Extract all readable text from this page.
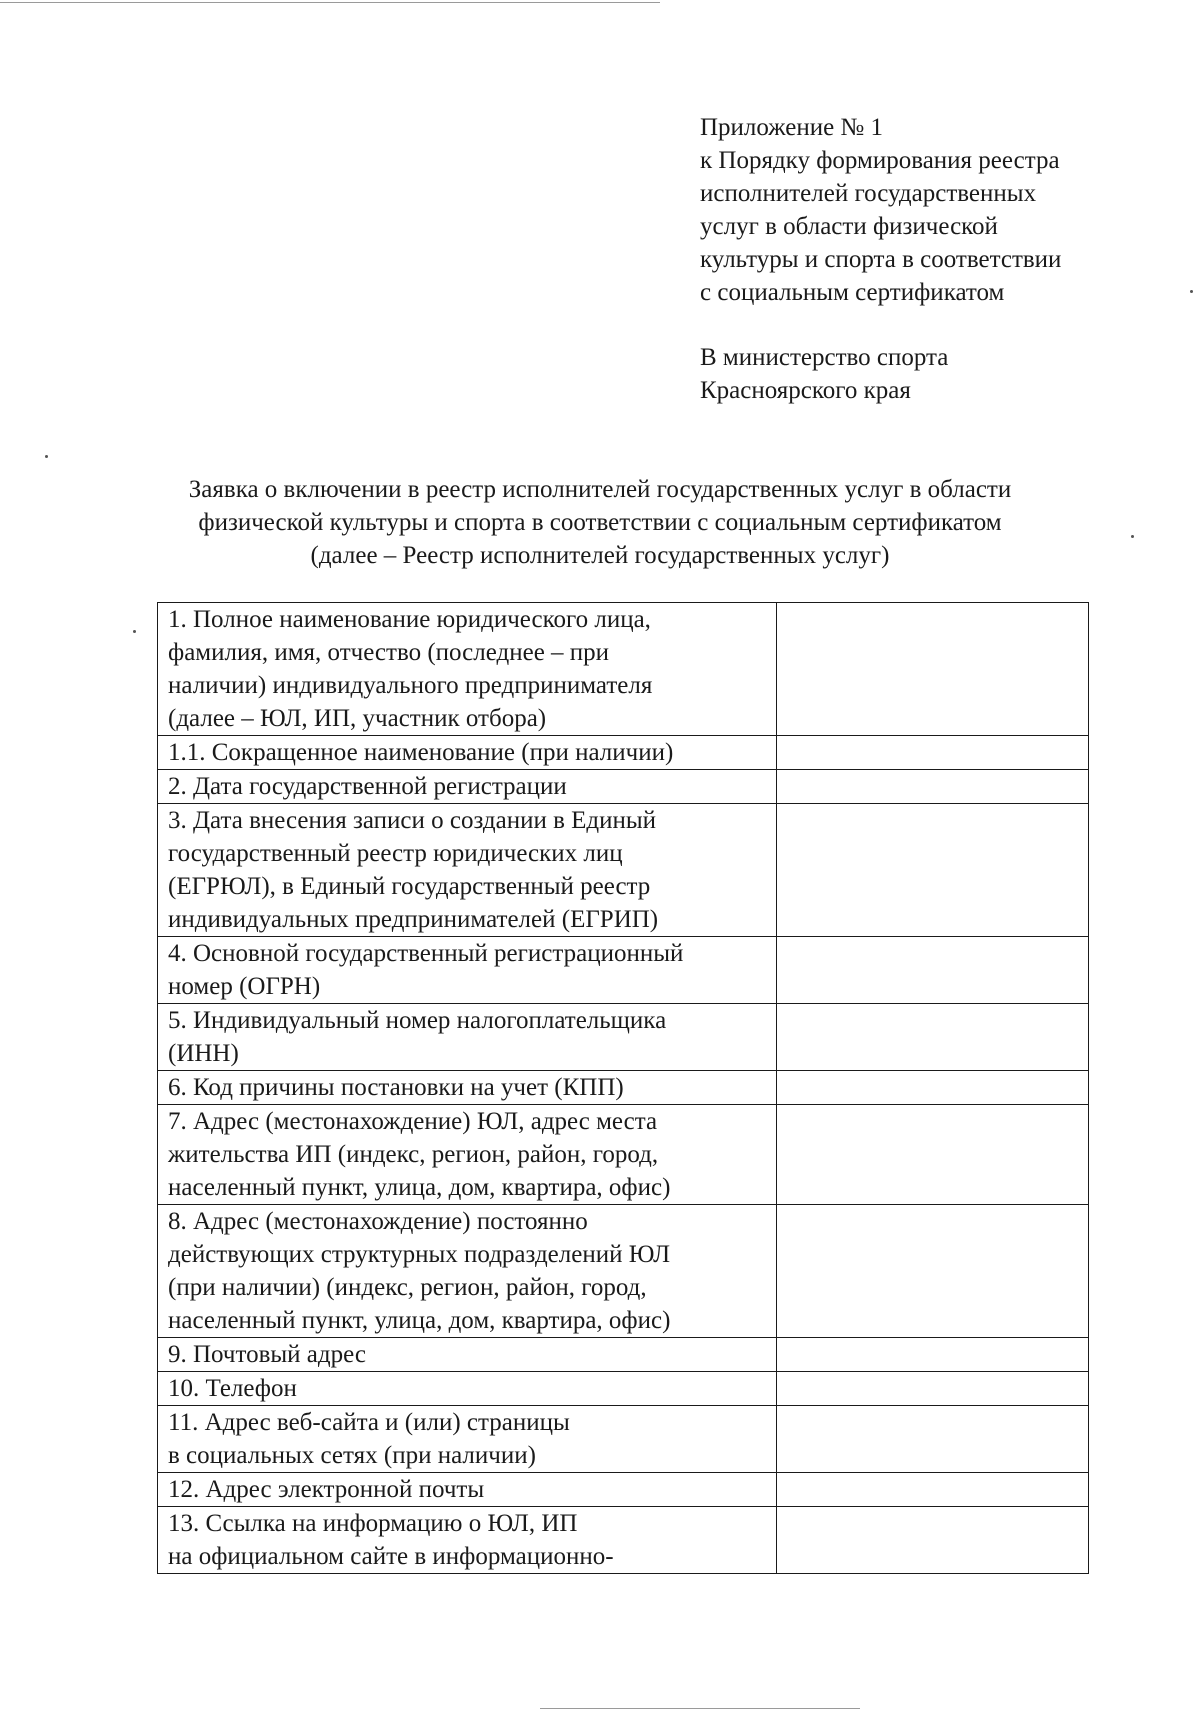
Приложение № 1
к Порядку формирования реестра
исполнителей государственных
услуг в области физической
культуры и спорта в соответствии
с социальным сертификатом
В министерство спорта
Красноярского края
Заявка о включении в реестр исполнителей государственных услуг в области
физической культуры и спорта в соответствии с социальным сертификатом
(далее – Реестр исполнителей государственных услуг)
1. Полное наименование юридического лица,
фамилия, имя, отчество (последнее – при
наличии) индивидуального предпринимателя
(далее – ЮЛ, ИП, участник отбора)	

1.1. Сокращенное наименование (при наличии)	

2. Дата государственной регистрации	

3. Дата внесения записи о создании в Единый
государственный реестр юридических лиц
(ЕГРЮЛ), в Единый государственный реестр
индивидуальных предпринимателей (ЕГРИП)	

4. Основной государственный регистрационный
номер (ОГРН)	

5. Индивидуальный номер налогоплательщика
(ИНН)	

6. Код причины постановки на учет (КПП)	

7. Адрес (местонахождение) ЮЛ, адрес места
жительства ИП (индекс, регион, район, город,
населенный пункт, улица, дом, квартира, офис)	

8. Адрес (местонахождение) постоянно
действующих структурных подразделений ЮЛ
(при наличии) (индекс, регион, район, город,
населенный пункт, улица, дом, квартира, офис)	

9. Почтовый адрес	

10. Телефон	

11. Адрес веб-сайта и (или) страницы
в социальных сетях (при наличии)	

12. Адрес электронной почты	

13. Ссылка на информацию о ЮЛ, ИП
на официальном сайте в информационно-	
